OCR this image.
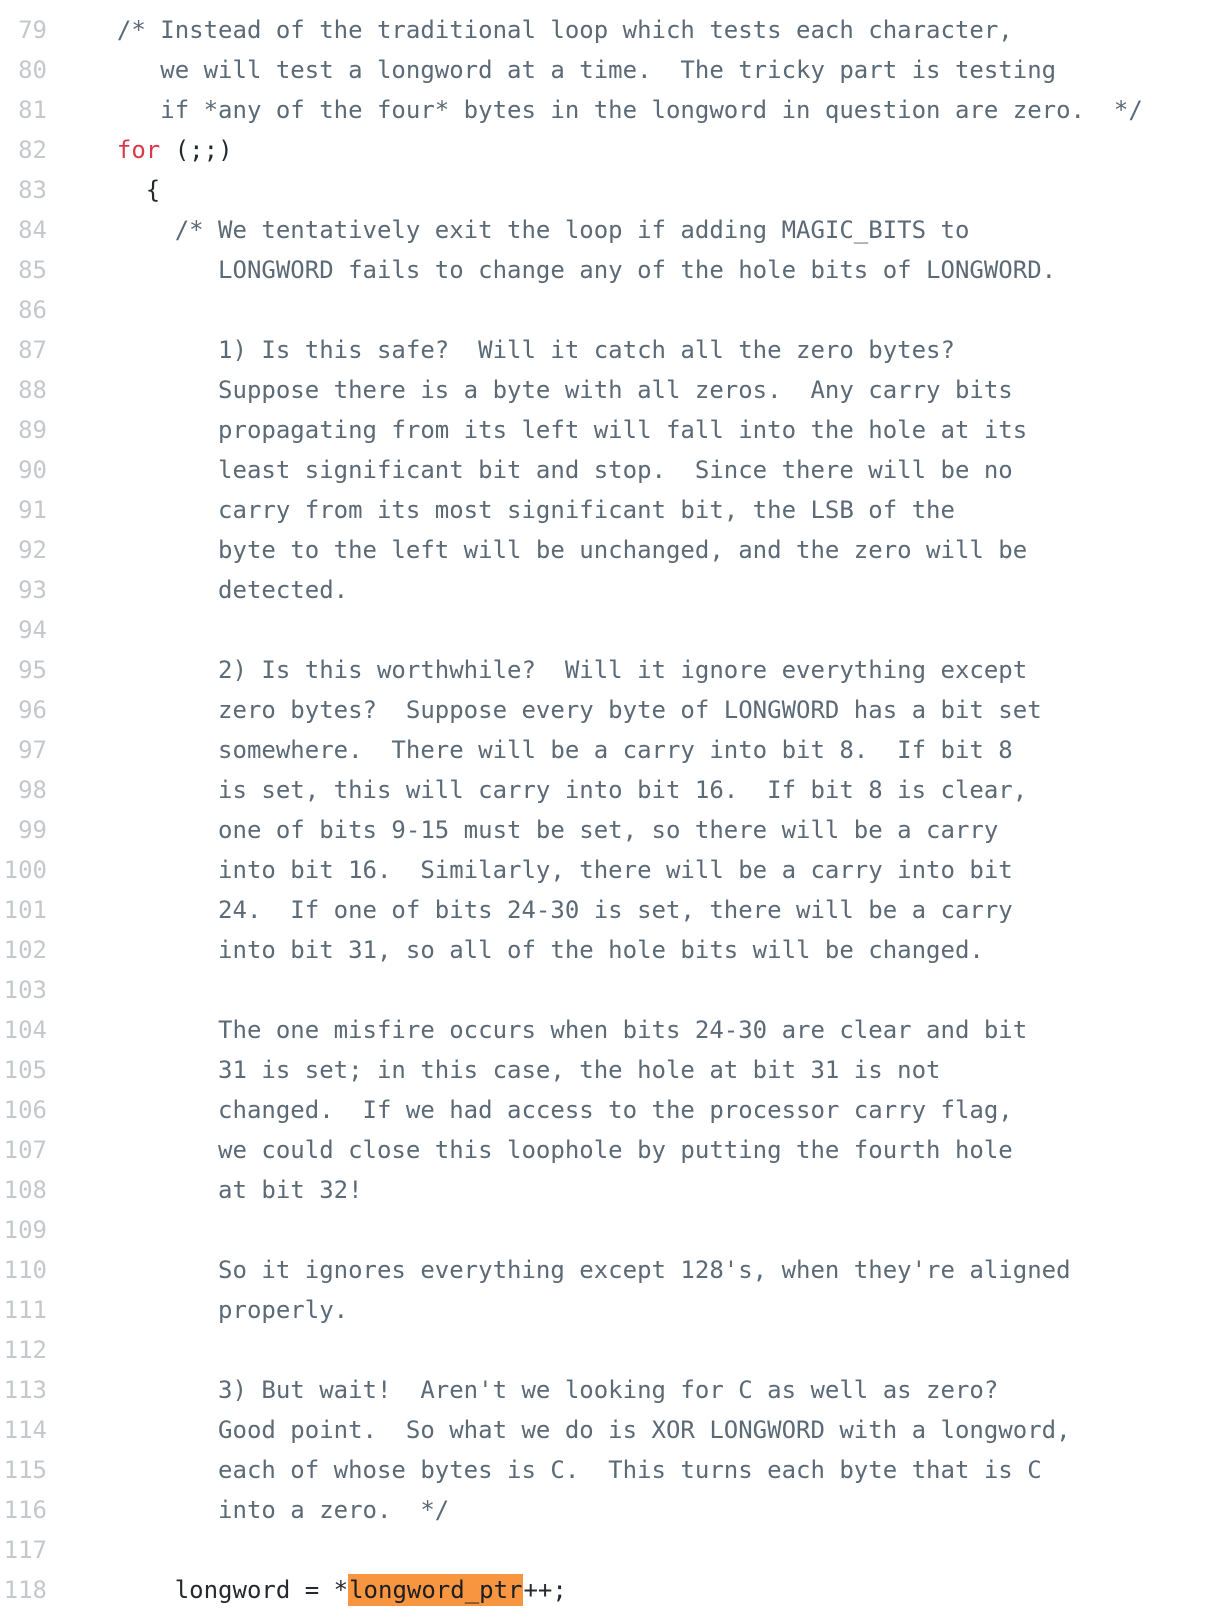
79 /* Instead of the traditional loop which tests each character,
80 we will test a longword at a time.  The tricky part is testing
81 if *any of the four* bytes in the longword in question are zero.  */
82	for (;;)
83 {
84 /* We tentatively exit the loop if adding MAGIC_BITS to
85 LONGWORD fails to change any of the hole bits of LONGWORD.
86
87 1) Is this safe?  Will it catch all the zero bytes?
88 Suppose there is a byte with all zeros.  Any carry bits
89 propagating from its left will fall into the hole at its
90 least significant bit and stop.  Since there will be no
91 carry from its most significant bit, the LSB of the
92 byte to the left will be unchanged, and the zero will be
93 detected.
94
95 2) Is this worthwhile?  Will it ignore everything except
96 zero bytes?  Suppose every byte of LONGWORD has a bit set
97 somewhere.  There will be a carry into bit 8.  If bit 8
98 is set, this will carry into bit 16.  If bit 8 is clear,
99 one of bits 9-15 must be set, so there will be a carry
100 into bit 16.  Similarly, there will be a carry into bit
101 24.  If one of bits 24-30 is set, there will be a carry
102 into bit 31, so all of the hole bits will be changed.
103
104 The one misfire occurs when bits 24-30 are clear and bit
105 31 is set; in this case, the hole at bit 31 is not
106 changed.  If we had access to the processor carry flag,
107 we could close this loophole by putting the fourth hole
108 at bit 32!
109
110 So it ignores everything except 128's, when they're aligned
111 properly.
112
113 3) But wait!  Aren't we looking for C as well as zero?
114 Good point.  So what we do is XOR LONGWORD with a longword,
115 each of whose bytes is C.  This turns each byte that is C
116 into a zero.  */
117
118 longword = *longword_ptr++;
